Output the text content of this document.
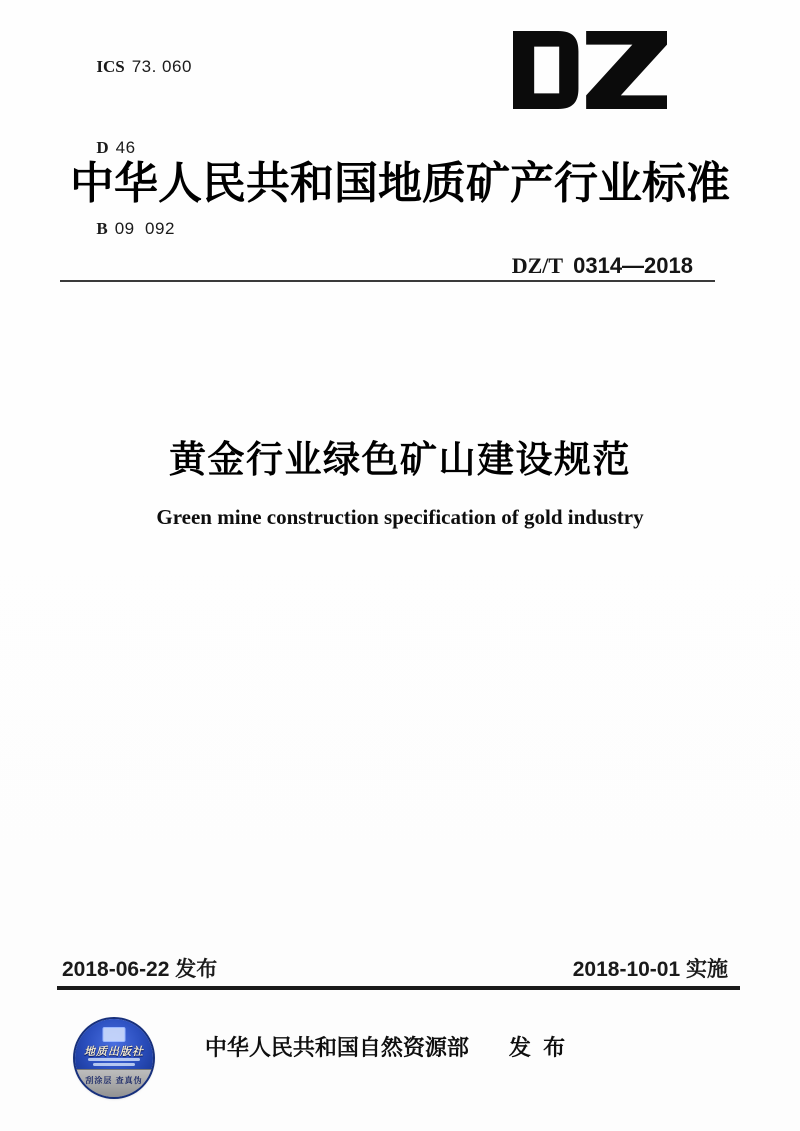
ICS 73. 060

D 46

B 09  092

中华人民共和国地质矿产行业标准

DZ/T 0314—2018

黄金行业绿色矿山建设规范
Green mine construction specification of gold industry
2018-06-22 发布	2018-10-01 实施
中华人民共和国自然资源部 发  布
地质出版社
刮涂层 查真伪
